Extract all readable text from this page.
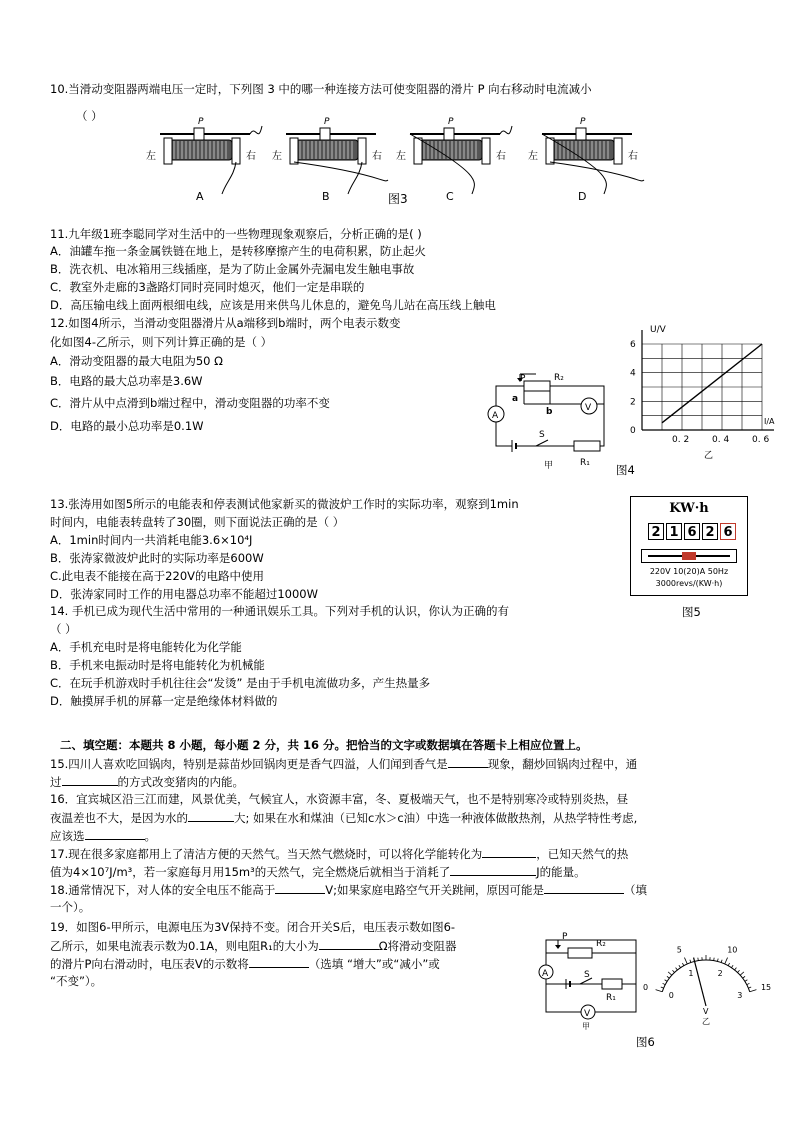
10.当滑动变阻器两端电压一定时，下列图 3 中的哪一种连接方法可使变阻器的滑片 P 向右移动时电流减小
（ ）	P
左	右
A
P
左	右
B
P
左	右
C
P
左	右
D
图3
11.九年级1班李聪同学对生活中的一些物理现象观察后，分析正确的是( )
A．油罐车拖一条金属铁链在地上，是转移摩擦产生的电荷积累，防止起火
B．洗衣机、电冰箱用三线插座，是为了防止金属外壳漏电发生触电事故
C．教室外走廊的3盏路灯同时亮同时熄灭，他们一定是串联的
D．高压输电线上面两根细电线，应该是用来供鸟儿休息的，避免鸟儿站在高压线上触电
12.如图4所示，当滑动变阻器滑片从a端移到b端时，两个电表示数变
化如图4-乙所示，则下列计算正确的是（ ）
A．滑动变阻器的最大电阻为50 Ω
B．电路的最大总功率是3.6W
C．滑片从中点滑到b端过程中，滑动变阻器的功率不变
D．电路的最小总功率是0.1W
P	R₂
a
b
A
V
S
R₁
甲
U/V
I/A
6
4
2
0
0. 2	0. 4	0. 6
乙
图4
13.张涛用如图5所示的电能表和停表测试他家新买的微波炉工作时的实际功率，观察到1min
时间内，电能表转盘转了30圈，则下面说法正确的是（ ）
A．1min时间内一共消耗电能3.6×10⁴J
B．张涛家微波炉此时的实际功率是600W
C.此电表不能接在高于220V的电路中使用
D．张涛家同时工作的用电器总功率不能超过1000W
KW·h
2 1 6 2 6
220V 10(20)A 50Hz
3000revs/(KW·h)
图5
14. 手机已成为现代生活中常用的一种通讯娱乐工具。下列对手机的认识，你认为正确的有
（ ）
A．手机充电时是将电能转化为化学能
B．手机来电振动时是将电能转化为机械能
C．在玩手机游戏时手机往往会“发烫” 是由于手机电流做功多，产生热量多
D．触摸屏手机的屏幕一定是绝缘体材料做的
二、填空题：本题共 8 小题，每小题 2 分，共 16 分。把恰当的文字或数据填在答题卡上相应位置上。
15.四川人喜欢吃回锅肉，特别是蒜苗炒回锅肉更是香气四溢，人们闻到香气是	现象，翻炒回锅肉过程中，通
过	的方式改变猪肉的内能。
16．宜宾城区沿三江而建，风景优美，气候宜人，水资源丰富，冬、夏极端天气，也不是特别寒冷或特别炎热，昼
夜温差也不大，是因为水的	大; 如果在水和煤油（已知c水＞c油）中选一种液体做散热剂，从热学特性考虑,
应该选	。
17.现在很多家庭都用上了清洁方便的天然气。当天然气燃烧时，可以将化学能转化为	，已知天然气的热
值为4×10⁷J/m³，若一家庭每月用15m³的天然气，完全燃烧后就相当于消耗了	J的能量。
18.通常情况下，对人体的安全电压不能高于	V;如果家庭电路空气开关跳闸，原因可能是	（填
一个）。
19．如图6-甲所示，电源电压为3V保持不变。闭合开关S后，电压表示数如图6-
乙所示，如果电流表示数为0.1A，则电阻R₁的大小为	Ω将滑动变阻器
的滑片P向右滑动时，电压表V的示数将	（选填 “增大”或“减小”或
“不变”）。
P
R₂
A	S
R₁
V
甲
0
5	10
15
0
1	2
3
V
乙
图6
